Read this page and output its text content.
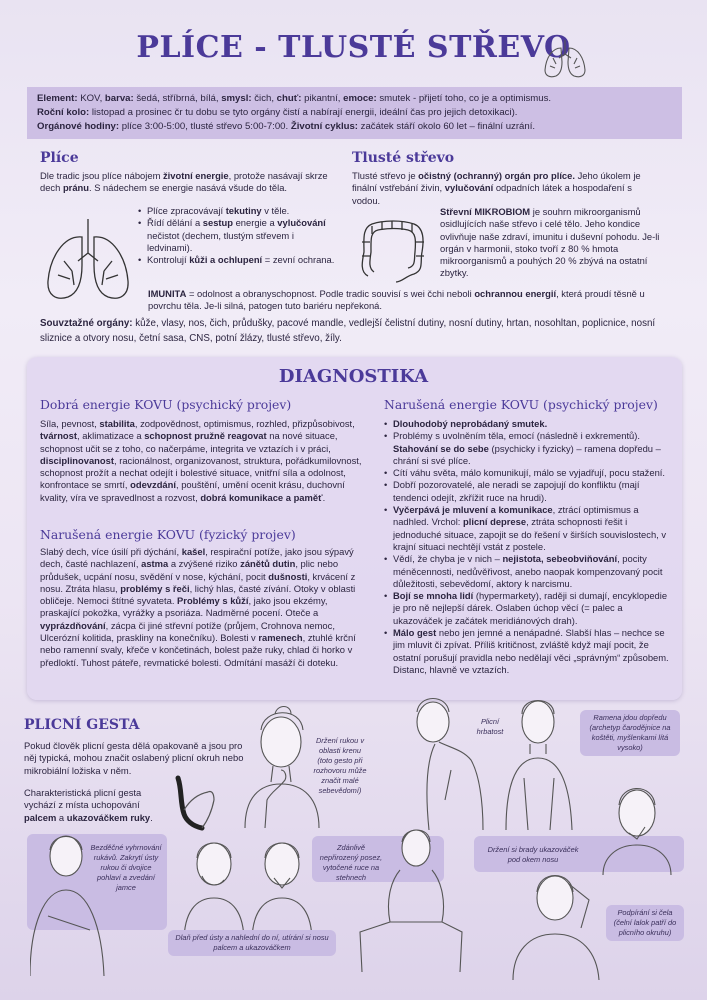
PLÍCE - TLUSTÉ STŘEVO
Element: KOV, barva: šedá, stříbrná, bílá, smysl: čich, chuť: pikantní, emoce: smutek - přijetí toho, co je a optimismus.
Roční kolo: listopad a prosinec čr tu dobu se tyto orgány čistí a nabírají energii, ideální čas pro jejich detoxikaci).
Orgánové hodiny: plíce 3:00-5:00, tlusté střevo 5:00-7:00. Životní cyklus: začátek stáří okolo 60 let – finální uzrání.
Plíce
Dle tradic jsou plíce nábojem životní energie, protože nasávají skrze dech pránu. S nádechem se energie nasává všude do těla.
• Plíce zpracovávají tekutiny v těle.
• Řídí dělání a sestup energie a vylučování nečistot (dechem, tlustým střevem i ledvinami).
• Kontrolují kůži a ochlupení = zevní ochrana.
Tlusté střevo
Tlusté střevo je očistný (ochranný) orgán pro plíce. Jeho úkolem je finální vstřebání živin, vylučování odpadních látek a hospodaření s vodou.
Střevní MIKROBIOM je souhrn mikroorganismů osidlujících naše střevo i celé tělo. Jeho kondice ovlivňuje naše zdraví, imunitu i duševní pohodu. Je-li orgán v harmonii, stoko tvoří z 80 % hmota mikroorganismů a pouhých 20 % zbývá na ostatní zbytky.
IMUNITA = odolnost a obranyschopnost. Podle tradic souvisí s wei čchi neboli ochrannou energií, která proudí těsně u povrchu těla. Je-li silná, patogen tuto bariéru nepřekoná.
Souvztažné orgány: kůže, vlasy, nos, čich, průdušky, pacové mandle, vedlejší čelistní dutiny, nosní dutiny, hrtan, nosohltan, poplicnice, nosní sliznice a otvory nosu, četní sasa, CNS, potní žlázy, tlusté střevo, žíly.
DIAGNOSTIKA
Dobrá energie KOVU (psychický projev)
Síla, pevnost, stabilita, zodpovědnost, optimismus, rozhled, přizpůsobivost, tvárnost, aklimatizace a schopnost pružně reagovat na nové situace, schopnost učit se z toho, co načerpáme, integrita ve vztazích i v práci, disciplinovanost, racionálnost, organizovanost, struktura, pořádkumilovnost, schopnost prožít a nechat odejít i bolestivé situace, vnitřní síla a odolnost, konfrontace se smrtí, odevzdání, pouštění, umění ocenit krásu, duchovní kvality, víra ve spravedlnost a rozvost, dobrá komunikace a paměť.
Narušená energie KOVU (fyzický projev)
Slabý dech, více úsilí při dýchání, kašel, respirační potíže, jako jsou sýpavý dech, časté nachlazení, astma a zvýšené riziko zánětů dutin, plic nebo průdušek, ucpání nosu, svědění v nose, kýchání, pocit dušnosti, krvácení z nosu. Ztráta hlasu, problémy s řeči, lichý hlas, časté zívání. Otoky v oblasti obličeje. Nemoci štítné syvateta. Problémy s kůží, jako jsou ekzémy, praskající pokožka, vyrážky a psoriáza. Nadměrné pocení. Oteče a vyprázdňování, zácpa či jiné střevní potíže (průjem, Crohnova nemoc, Ulcerózní kolitida, praskliny na konečníku). Bolesti v ramenech, ztuhlé krční nebo ramenní svaly, křeče v končetinách, bolest paže ruky, chlad či horko v předloktí. Tuhost páteře, revmatické bolesti. Odmítání masáží či doteku.
Narušená energie KOVU (psychický projev)
• Dlouhodobý neprobádaný smutek.
• Problémy s uvolněním těla, emocí (následně i exkrementů). Stahování se do sebe (psychicky i fyzicky) – ramena dopředu – chrání si své plíce.
• Cítí váhu světa, málo komunikují, málo se vyjadřují, pocu stažení.
• Dobří pozorovatelé, ale neradi se zapojují do konfliktu (mají tendenci odejít, zkřížit ruce na hrudi).
• Vyčerpává je mluvení a komunikace, ztrácí optimismus a nadhled. Vrchol: plicní deprese, ztráta schopnosti řešit i jednoduché situace, zapojit se do řešení v širších souvislostech, v krajní situaci nechtějí vstát z postele.
• Vědí, že chyba je v nich – nejistota, sebeobviňování, pocity méněcennosti, nedůvěřivost, anebo naopak kompenzovaný pocit důležitosti, sebevědomí, aktory k narcismu.
• Bojí se mnoha lidí (hypermarkety), raději si dumají, encyklopedie je pro ně nejlepší dárek. Oslaben úchop věcí (= palec a ukazováček je začátek meridiánových drah).
• Málo gest nebo jen jemné a nenápadné. Slabší hlas – nechce se jim mluvit či zpívat. Příliš kritičnost, zvláště když mají pocit, že ostatní porušují pravidla nebo nedělají věci „správným“ způsobem. Distanc, hlavně ve vztazích.
PLICNÍ GESTA
Pokud člověk plicní gesta dělá opakovaně a jsou pro něj typická, mohou značit oslabený plicní okruh nebo mikrobiální ložiska v něm.
Charakteristická plicní gesta vychází z místa uchopování palcem a ukazováčkem ruky.
Držení rukou v oblasti krenu (toto gesto při rozhovoru může značit malé sebevědomí)
Plicní hrbatost
Ramena jdou dopředu (archetyp čarodějnice na koštěti, myšlenkami lítá vysoko)
Bezděčné vyhrnování rukávů. Zakrytí ústy rukou či dvojice pohlaví a zvedání jamce
Dlaň před ústy a nahlední do ní, utírání si nosu palcem a ukazováčkem
Zdánlivě nepřirozený posez, vytočené ruce na stehnech
Držení si brady ukazováček pod okem nosu
Podpírání si čela (čelní lalok patří do plicního okruhu)
